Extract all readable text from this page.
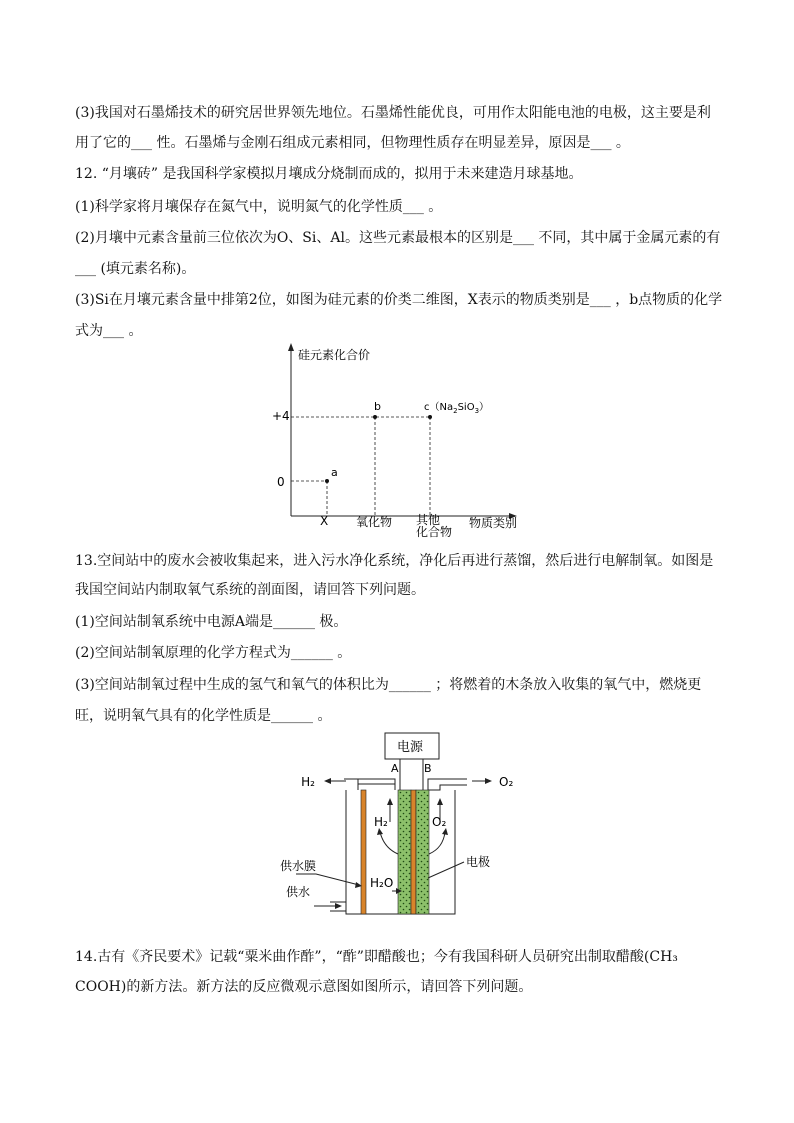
(3)我国对石墨烯技术的研究居世界领先地位。石墨烯性能优良，可用作太阳能电池的电极，这主要是利
用了它的___ 性。石墨烯与金刚石组成元素相同，但物理性质存在明显差异，原因是___ 。
12. “月壤砖” 是我国科学家模拟月壤成分烧制而成的，拟用于未来建造月球基地。
(1)科学家将月壤保存在氮气中，说明氮气的化学性质___ 。
(2)月壤中元素含量前三位依次为O、Si、Al。这些元素最根本的区别是___ 不同，其中属于金属元素的有
___ (填元素名称)。
(3)Si在月壤元素含量中排第2位，如图为硅元素的价类二维图，X表示的物质类别是___ ，b点物质的化学
式为___ 。
硅元素化合价
物质类别
+4
0
a
b	$c(Na_2SiO_3)$
X 氧化物 其他
化合物
13.空间站中的废水会被收集起来，进入污水净化系统，净化后再进行蒸馏，然后进行电解制氧。如图是
我国空间站内制取氧气系统的剖面图，请回答下列问题。
(1)空间站制氧系统中电源A端是______ 极。
(2)空间站制氧原理的化学方程式为______ 。
(3)空间站制氧过程中生成的氢气和氧气的体积比为______ ；将燃着的木条放入收集的氧气中，燃烧更
旺，说明氧气具有的化学性质是______ 。
电源
A B
H₂	O₂
H₂	O₂
H₂O
供水膜	电极
供水
14.古有《齐民要术》记载“粟米曲作酢”，“酢”即醋酸也；今有我国科研人员研究出制取醋酸(CH₃
COOH)的新方法。新方法的反应微观示意图如图所示，请回答下列问题。
